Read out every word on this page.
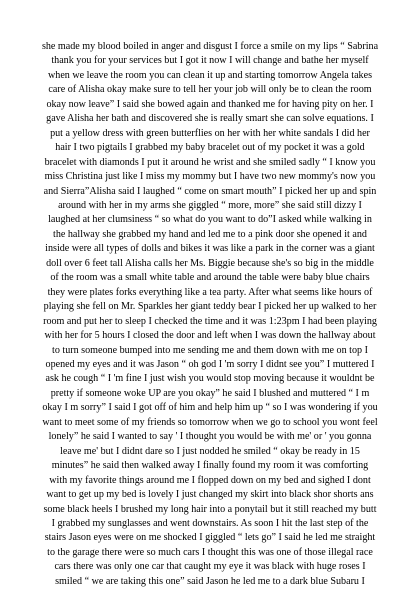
she made my blood boiled in anger and disgust I force a smile on my lips “ Sabrina
thank you for your services but I got it now I will change and bathe her myself
when we leave the room you can clean it up and starting tomorrow Angela takes
care of Alisha okay make sure to tell her your job will only be to clean the room
okay now leave” I said she bowed again and thanked me for having pity on her. I
gave Alisha her bath and discovered she is really smart she can solve equations. I
put a yellow dress with green butterflies on her with her white sandals I did her
hair I two pigtails I grabbed my baby bracelet out of my pocket it was a gold
bracelet with diamonds I put it around he wrist and she smiled sadly “ I know you
miss Christina just like I miss my mommy but I have two new mommy's now you
and Sierra”Alisha said I laughed “ come on smart mouth” I picked her up and spin
around with her in my arms she giggled “ more, more” she said still dizzy I
laughed at her clumsiness “ so what do you want to do”I asked while walking in
the hallway she grabbed my hand and led me to a pink door she opened it and
inside were all types of dolls and bikes it was like a park in the corner was a giant
doll over 6 feet tall Alisha calls her Ms. Biggie because she's so big in the middle
of the room was a small white table and around the table were baby blue chairs
they were plates forks everything like a tea party. After what seems like hours of
playing she fell on Mr. Sparkles her giant teddy bear I picked her up walked to her
room and put her to sleep I checked the time and it was 1:23pm I had been playing
with her for 5 hours I closed the door and left when I was down the hallway about
to turn someone bumped into me sending me and them down with me on top I
opened my eyes and it was Jason “ oh god I 'm sorry I didnt see you” I muttered I
ask he cough “ I 'm fine I just wish you would stop moving because it wouldnt be
pretty if someone woke UP are you okay” he said I blushed and muttered “ I m
okay I m sorry” I said I got off of him and help him up “ so I was wondering if you
want to meet some of my friends so tomorrow when we go to school you wont feel
lonely” he said I wanted to say ' I thought you would be with me' or ' you gonna
leave me' but I didnt dare so I just nodded he smiled “ okay be ready in 15
minutes” he said then walked away I finally found my room it was comforting
with my favorite things around me I flopped down on my bed and sighed I dont
want to get up my bed is lovely I just changed my skirt into black shor shorts ans
some black heels I brushed my long hair into a ponytail but it still reached my butt
I grabbed my sunglasses and went downstairs. As soon I hit the last step of the
stairs Jason eyes were on me shocked I giggled “ lets go” I said he led me straight
to the garage there were so much cars I thought this was one of those illegal race
cars there was only one car that caught my eye it was black with huge roses I
smiled “ we are taking this one” said Jason he led me to a dark blue Subaru I
